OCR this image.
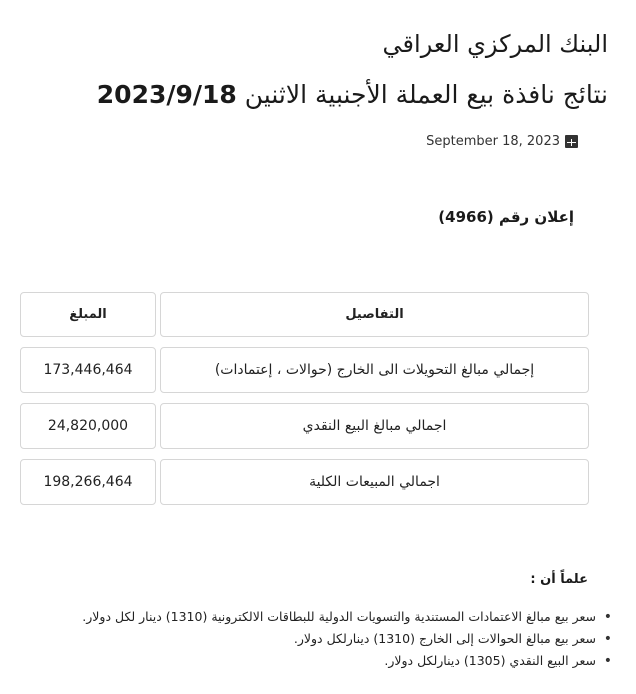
البنك المركزي العراقي
نتائج نافذة بيع العملة الأجنبية الاثنين 2023/9/18
September 18, 2023
إعلان رقم (4966)
المبلغ	التفاصيل
173,446,464	إجمالي مبالغ التحويلات الى الخارج (حوالات ، إعتمادات)
24,820,000	اجمالي مبالغ البيع النقدي
198,266,464	اجمالي المبيعات الكلية
علماً أن :
• سعر بيع مبالغ الاعتمادات المستندية والتسويات الدولية للبطاقات الالكترونية (1310) دينار لكل دولار.
• سعر بيع مبالغ الحوالات إلى الخارج (1310) دينارلكل دولار.
• سعر البيع النقدي (1305) دينارلكل دولار.
